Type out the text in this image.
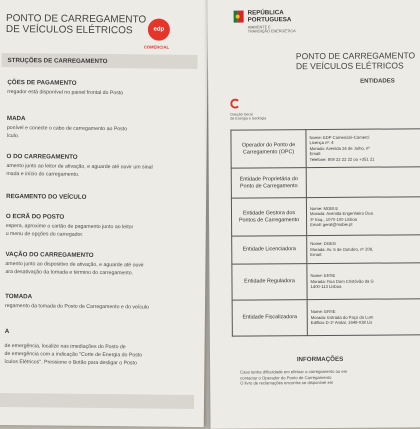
PONTO DE CARREGAMENTO
DE VEÍCULOS ELÉTRICOS	edp
COMERCIAL
STRUÇÕES DE CARREGAMENTO
ÇÕES DE PAGAMENTO
rregador está disponível no painel frontal do Posto
MADA
ponível e conecte o cabo de carregamento ao Posto
ículo.
O DO CARREGAMENTO
amento junto ao leitor de ativação, e aguarde até ouvir um sinal
mada e início do carregamento.
REGAMENTO DO VEÍCULO
O ECRÃ DO POSTO
espera, aproxime o cartão de pagamento junto ao leitor
u menu de opções do carregador.
VAÇÃO DO CARREGAMENTO
amento junto ao dispositivo de ativação, e aguarde até ouvir
ara desativação da tomada e término do carregamento.
TOMADA
regamento da tomada do Posto de Carregamento e do veículo
A
de emergência, localize nas imediações do Posto de
de emergência com a indicação "Corte de Energia do Posto
ículos Elétricos". Pressione o Botão para desligar o Posto
REPÚBLICA
PORTUGUESA
AMBIENTE E
TRANSIÇÃO ENERGÉTICA
PONTO DE CARREGAMENTO
DE VEÍCULOS ELÉTRICOS
ENTIDADES
Direção Geral
de Energia e Geologia
Operador do Ponto de Carregamento (OPC)	Nome: EDP Comercial–Comerci
Licença nº: 4
Morada: Avenida 24 de Julho, nº
Email:
Telefone: 808 22 22 22 ou +351 21

Entidade Proprietária do Ponto de Carregamento	

Entidade Gestora dos Pontos de Carregamento	Nome: MOBI.E
Morada: Avenida Engenheiro Dua
3º Esq., 1070-100 Lisboa
Email: geral@mobie.pt

Entidade Licenciadora	Nome: DGEG
Morada: Av. 5 de Outubro, nº 208,
Email:

Entidade Reguladora	Nome: ERSE
Morada: Rua Dom Cristóvão da G
1400-113 Lisboa

Entidade Fiscalizadora	Nome: ERSE
Morada: Estrada do Paço do Lum
Edifício D-1º Andar, 1649-038 Lis
INFORMAÇÕES
Caso tenha dificuldade em efetuar o carregamento ou em
contactar o Operador do Ponto de Carregamento
O livro de reclamações encontra-se disponível em
